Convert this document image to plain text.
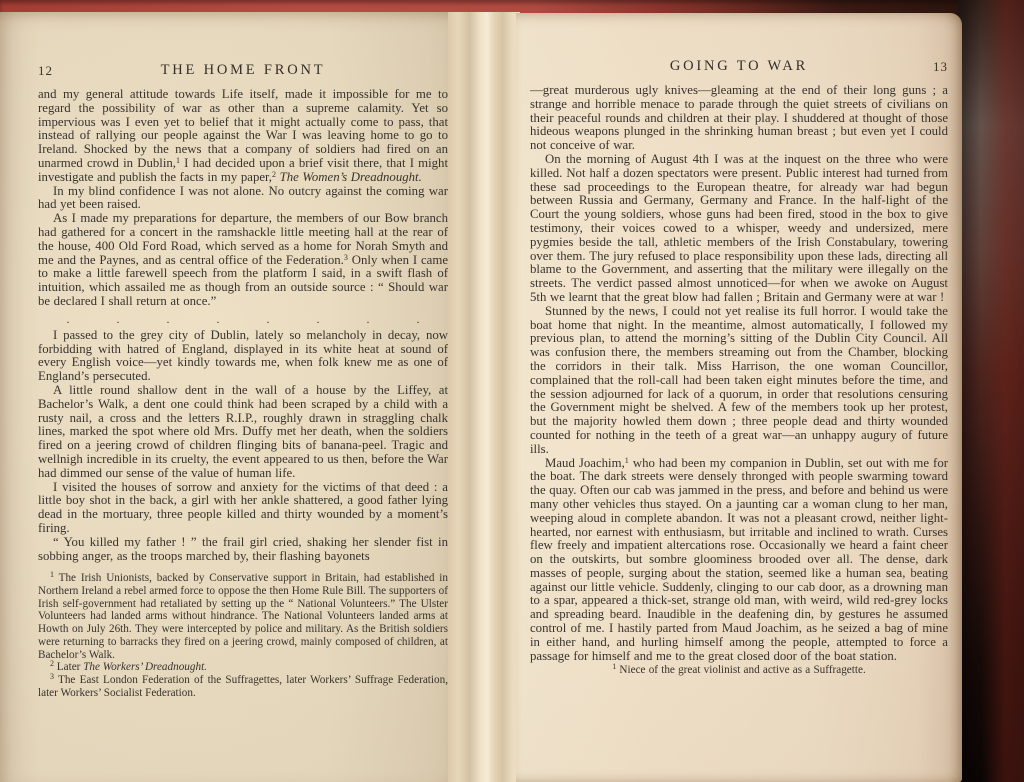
12	THE HOME FRONT

and my general attitude towards Life itself, made it impossible for me to regard the possibility of war as other than a supreme calamity. Yet so impervious was I even yet to belief that it might actually come to pass, that instead of rallying our people against the War I was leaving home to go to Ireland. Shocked by the news that a company of soldiers had fired on an unarmed crowd in Dublin,$^1$ I had decided upon a brief visit there, that I might investigate and publish the facts in my paper,$^2$ The Women’s Dreadnought.

In my blind confidence I was not alone. No outcry against the coming war had yet been raised.

As I made my preparations for departure, the members of our Bow branch had gathered for a concert in the ramshackle little meeting hall at the rear of the house, 400 Old Ford Road, which served as a home for Norah Smyth and me and the Paynes, and as central office of the Federation.$^3$ Only when I came to make a little farewell speech from the platform I said, in a swift flash of intuition, which assailed me as though from an outside source : “ Should war be declared I shall return at once.”

. . . . . . . .

I passed to the grey city of Dublin, lately so melancholy in decay, now forbidding with hatred of England, displayed in its white heat at sound of every English voice—yet kindly towards me, when folk knew me as one of England’s persecuted.

A little round shallow dent in the wall of a house by the Liffey, at Bachelor’s Walk, a dent one could think had been scraped by a child with a rusty nail, a cross and the letters R.I.P., roughly drawn in straggling chalk lines, marked the spot where old Mrs. Duffy met her death, when the soldiers fired on a jeering crowd of children flinging bits of banana-peel. Tragic and wellnigh incredible in its cruelty, the event appeared to us then, before the War had dimmed our sense of the value of human life.

I visited the houses of sorrow and anxiety for the victims of that deed : a little boy shot in the back, a girl with her ankle shattered, a good father lying dead in the mortuary, three people killed and thirty wounded by a moment’s firing.

“ You killed my father ! ” the frail girl cried, shaking her slender fist in sobbing anger, as the troops marched by, their flashing bayonets

$^1$ The Irish Unionists, backed by Conservative support in Britain, had established in Northern Ireland a rebel armed force to oppose the then Home Rule Bill. The supporters of Irish self-government had retaliated by setting up the “ National Volunteers.” The Ulster Volunteers had landed arms without hindrance. The National Volunteers landed arms at Howth on July 26th. They were intercepted by police and military. As the British soldiers were returning to barracks they fired on a jeering crowd, mainly composed of children, at Bachelor’s Walk.

$^2$ Later The Workers’ Dreadnought.

$^3$ The East London Federation of the Suffragettes, later Workers’ Suffrage Federation, later Workers’ Socialist Federation.

GOING TO WAR	13

—great murderous ugly knives—gleaming at the end of their long guns ; a strange and horrible menace to parade through the quiet streets of civilians on their peaceful rounds and children at their play. I shuddered at thought of those hideous weapons plunged in the shrinking human breast ; but even yet I could not conceive of war.

On the morning of August 4th I was at the inquest on the three who were killed. Not half a dozen spectators were present. Public interest had turned from these sad proceedings to the European theatre, for already war had begun between Russia and Germany, Germany and France. In the half-light of the Court the young soldiers, whose guns had been fired, stood in the box to give testimony, their voices cowed to a whisper, weedy and undersized, mere pygmies beside the tall, athletic members of the Irish Constabulary, towering over them. The jury refused to place responsibility upon these lads, directing all blame to the Government, and asserting that the military were illegally on the streets. The verdict passed almost unnoticed—for when we awoke on August 5th we learnt that the great blow had fallen ; Britain and Germany were at war !

Stunned by the news, I could not yet realise its full horror. I would take the boat home that night. In the meantime, almost automatically, I followed my previous plan, to attend the morning’s sitting of the Dublin City Council. All was confusion there, the members streaming out from the Chamber, blocking the corridors in their talk. Miss Harrison, the one woman Councillor, complained that the roll-call had been taken eight minutes before the time, and the session adjourned for lack of a quorum, in order that resolutions censuring the Government might be shelved. A few of the members took up her protest, but the majority howled them down ; three people dead and thirty wounded counted for nothing in the teeth of a great war—an unhappy augury of future ills.

Maud Joachim,$^1$ who had been my companion in Dublin, set out with me for the boat. The dark streets were densely thronged with people swarming toward the quay. Often our cab was jammed in the press, and before and behind us were many other vehicles thus stayed. On a jaunting car a woman clung to her man, weeping aloud in complete abandon. It was not a pleasant crowd, neither light-hearted, nor earnest with enthusiasm, but irritable and inclined to wrath. Curses flew freely and impatient altercations rose. Occasionally we heard a faint cheer on the outskirts, but sombre gloominess brooded over all. The dense, dark masses of people, surging about the station, seemed like a human sea, beating against our little vehicle. Suddenly, clinging to our cab door, as a drowning man to a spar, appeared a thick-set, strange old man, with weird, wild red-grey locks and spreading beard. Inaudible in the deafening din, by gestures he assumed control of me. I hastily parted from Maud Joachim, as he seized a bag of mine in either hand, and hurling himself among the people, attempted to force a passage for himself and me to the great closed door of the boat station.

$^1$ Niece of the great violinist and active as a Suffragette.
